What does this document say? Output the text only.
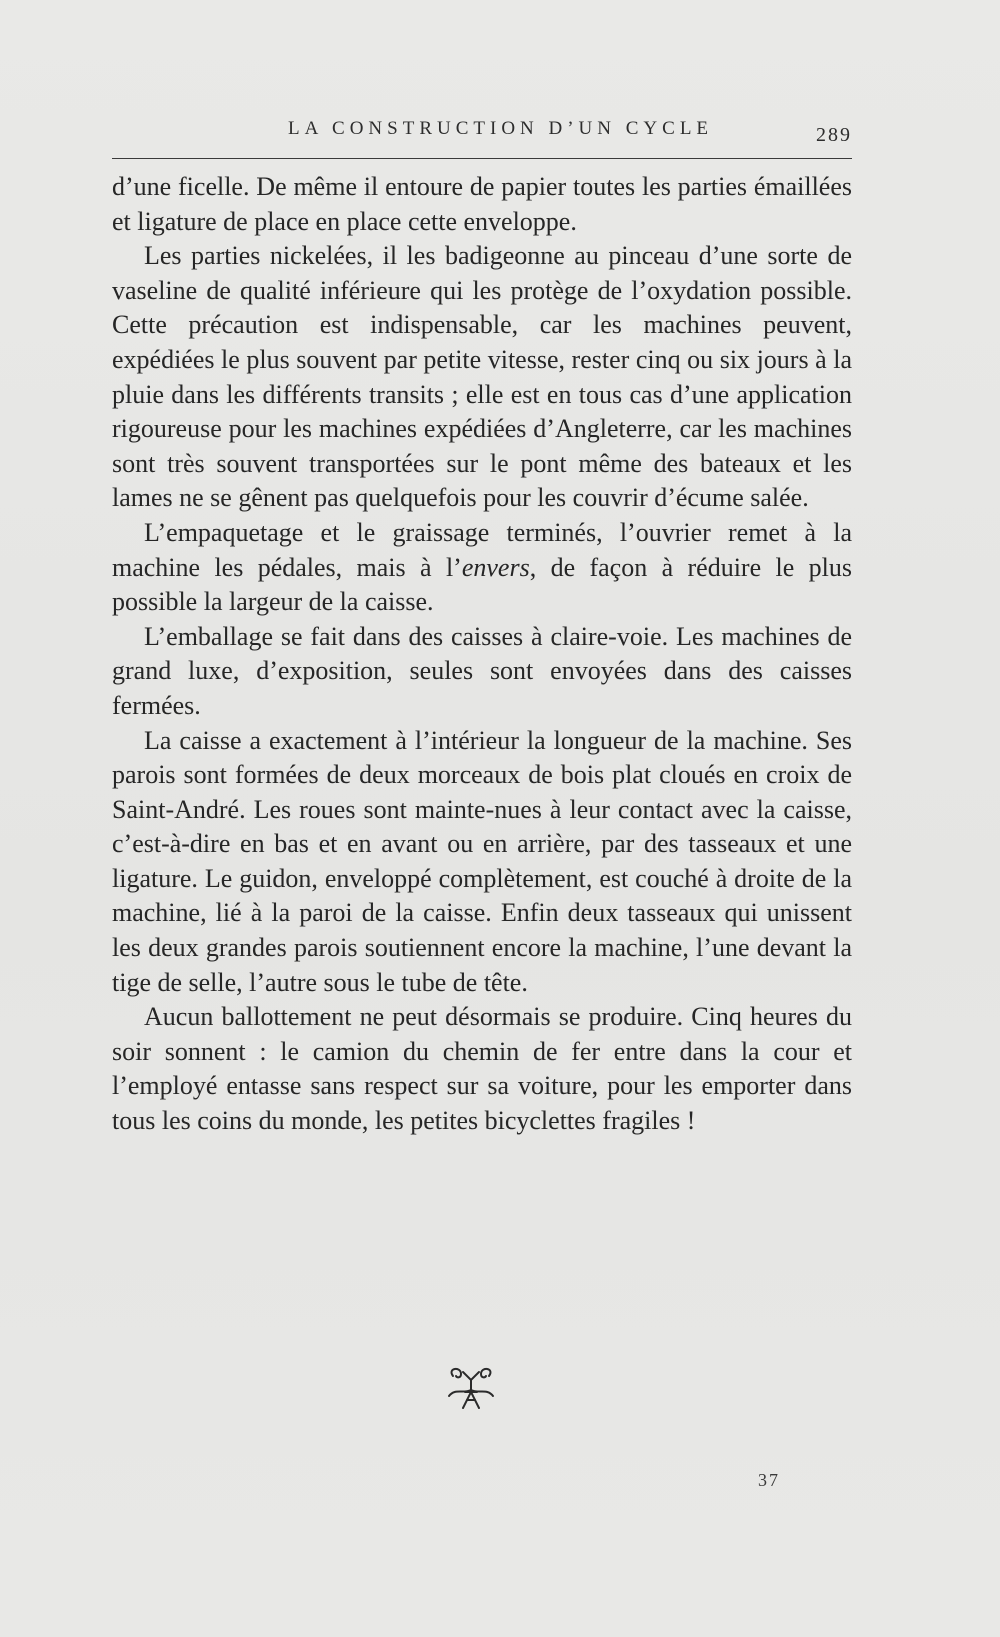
LA CONSTRUCTION D’UN CYCLE	289

d’une ficelle. De même il entoure de papier toutes les parties émaillées et ligature de place en place cette enveloppe.

Les parties nickelées, il les badigeonne au pinceau d’une sorte de vaseline de qualité inférieure qui les protège de l’oxydation possible. Cette précaution est indispensable, car les machines peuvent, expédiées le plus souvent par petite vitesse, rester cinq ou six jours à la pluie dans les différents transits ; elle est en tous cas d’une application rigoureuse pour les machines expédiées d’Angleterre, car les machines sont très souvent transportées sur le pont même des bateaux et les lames ne se gênent pas quelquefois pour les couvrir d’écume salée.

L’empaquetage et le graissage terminés, l’ouvrier remet à la machine les pédales, mais à l’envers, de façon à réduire le plus possible la largeur de la caisse.

L’emballage se fait dans des caisses à claire-voie. Les machines de grand luxe, d’exposition, seules sont envoyées dans des caisses fermées.

La caisse a exactement à l’intérieur la longueur de la machine. Ses parois sont formées de deux morceaux de bois plat cloués en croix de Saint-André. Les roues sont mainte-nues à leur contact avec la caisse, c’est-à-dire en bas et en avant ou en arrière, par des tasseaux et une ligature. Le guidon, enveloppé complètement, est couché à droite de la machine, lié à la paroi de la caisse. Enfin deux tasseaux qui unissent les deux grandes parois soutiennent encore la machine, l’une devant la tige de selle, l’autre sous le tube de tête.

Aucun ballottement ne peut désormais se produire. Cinq heures du soir sonnent : le camion du chemin de fer entre dans la cour et l’employé entasse sans respect sur sa voiture, pour les emporter dans tous les coins du monde, les petites bicyclettes fragiles !

37
